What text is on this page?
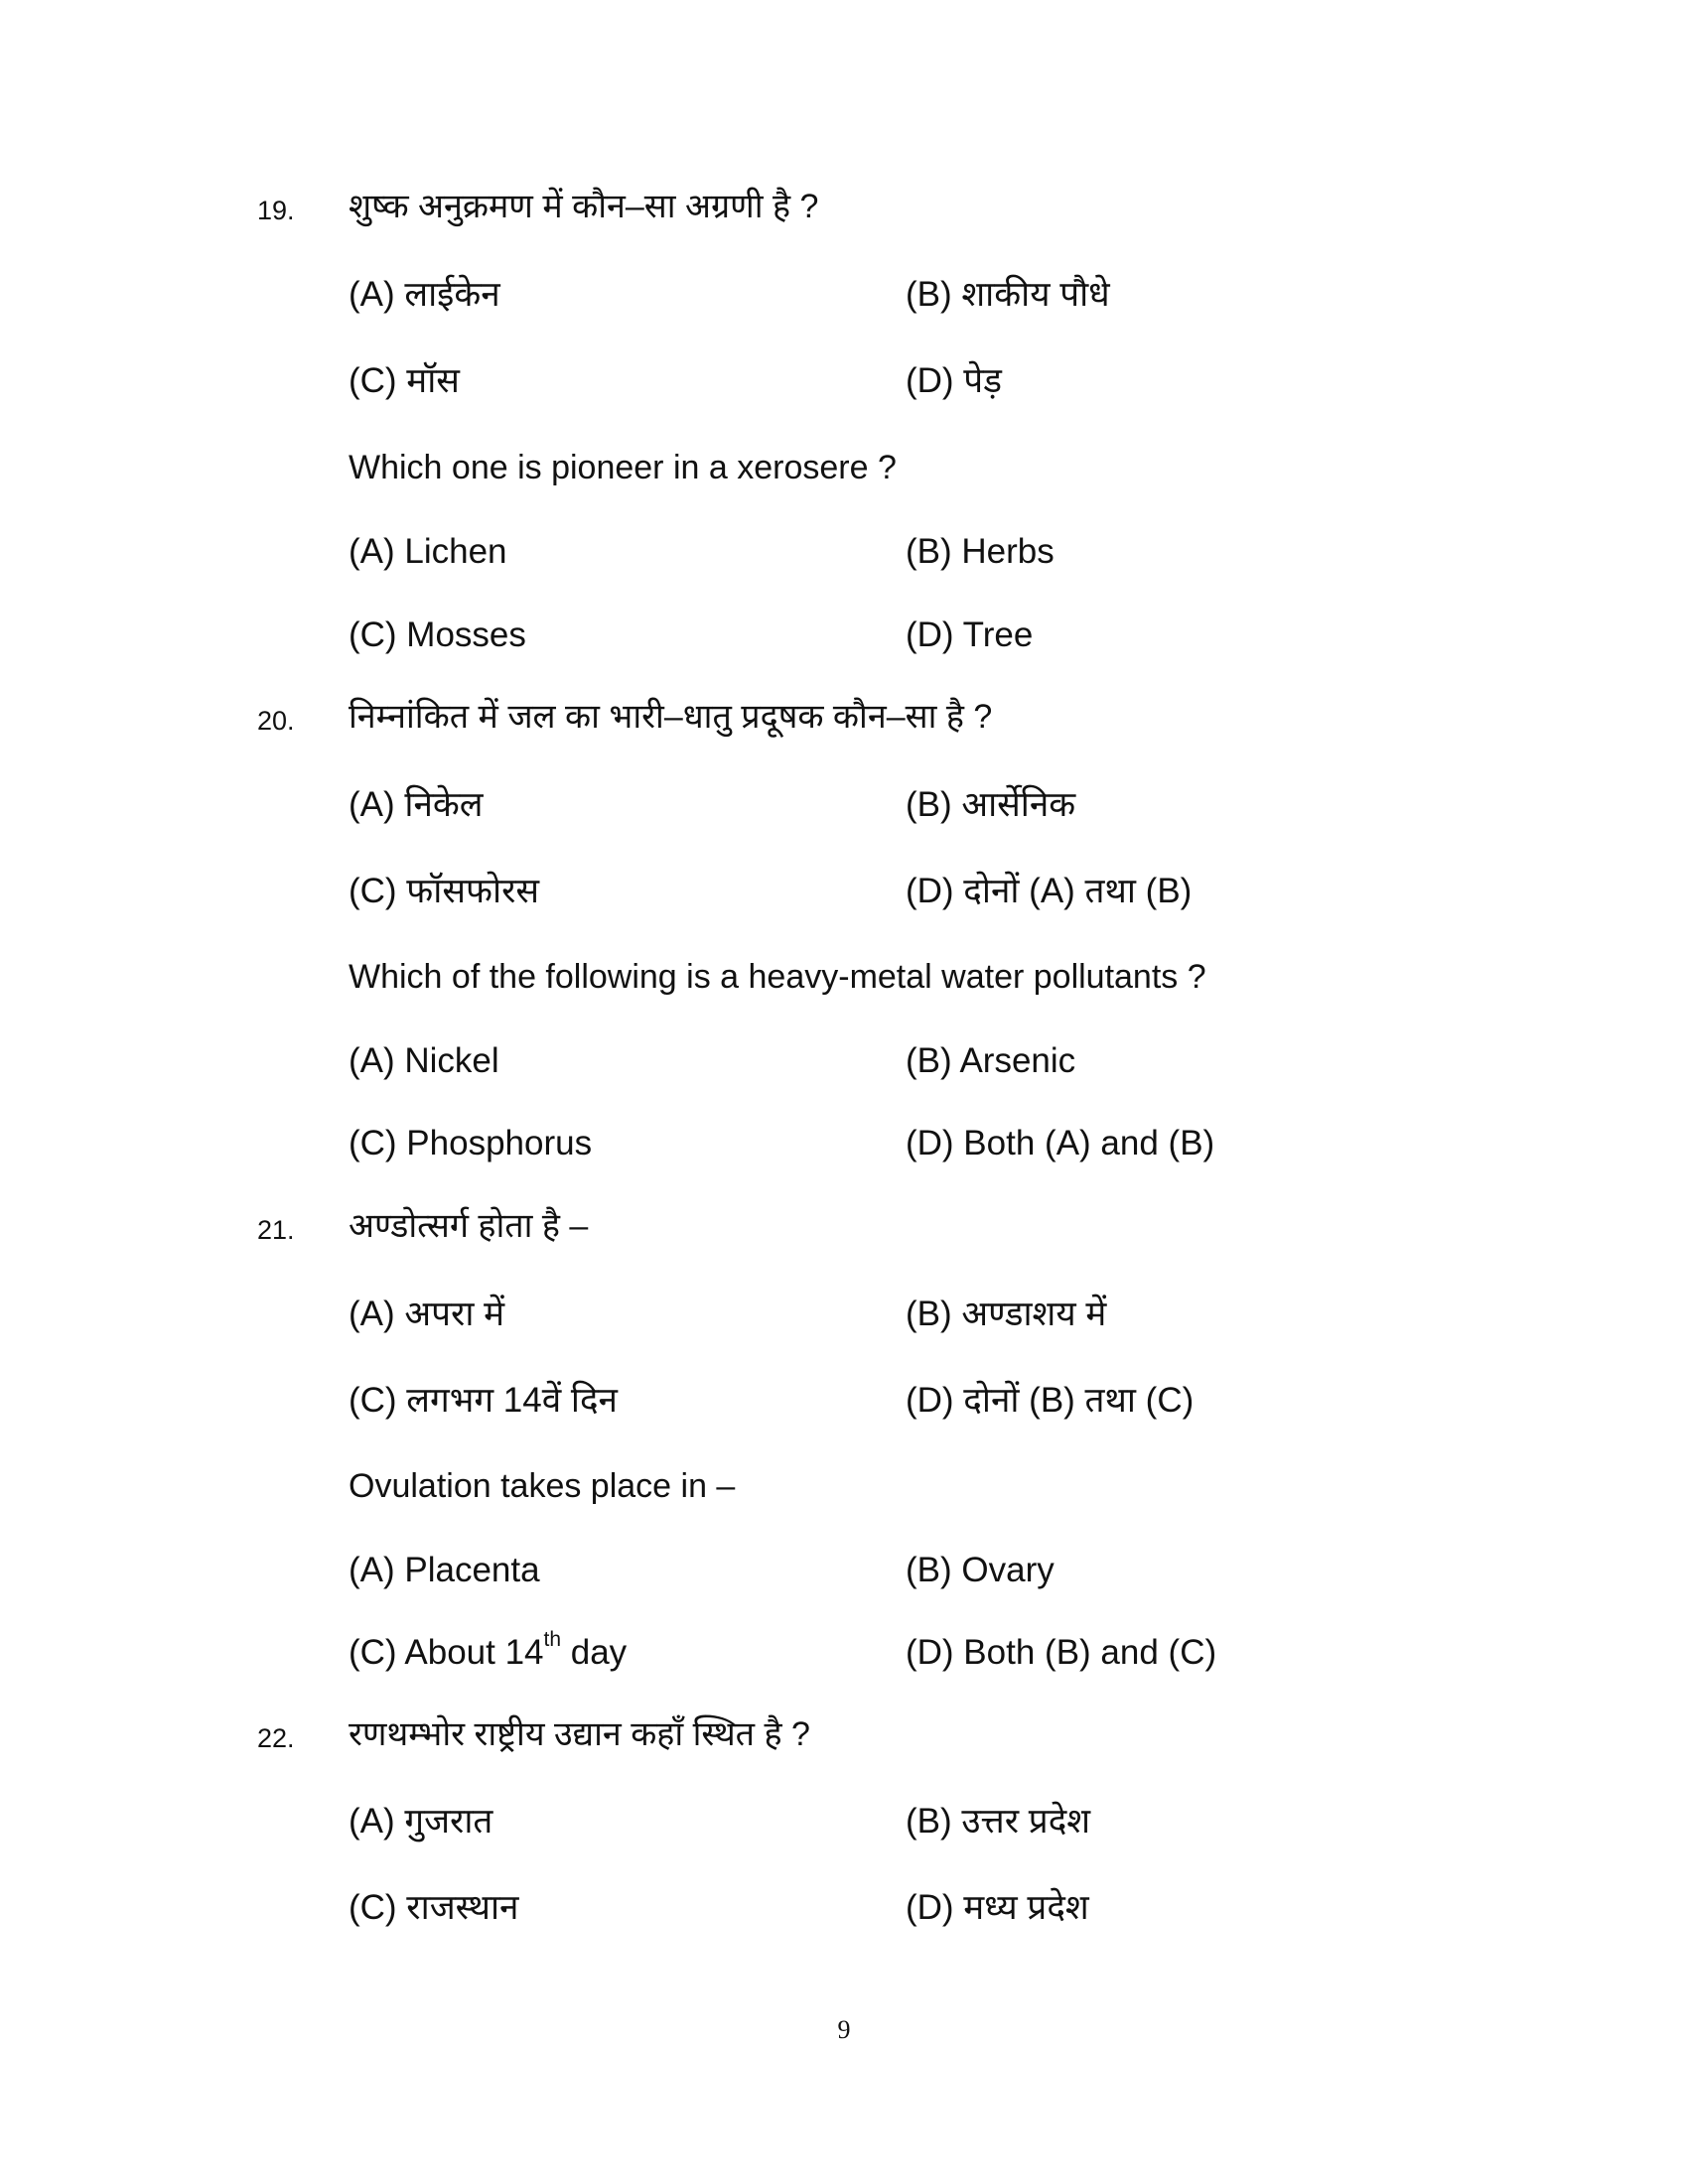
19. शुष्क अनुक्रमण में कौन–सा अग्रणी है ?
(A) लाईकेन	(B) शाकीय पौधे
(C) मॉस	(D) पेड़
Which one is pioneer in a xerosere ?
(A) Lichen	(B) Herbs
(C) Mosses	(D) Tree
20. निम्नांकित में जल का भारी–धातु प्रदूषक कौन–सा है ?
(A) निकेल	(B) आर्सेनिक
(C) फॉसफोरस	(D) दोनों (A) तथा (B)
Which of the following is a heavy-metal water pollutants ?
(A) Nickel	(B) Arsenic
(C) Phosphorus	(D) Both (A) and (B)
21. अण्डोत्सर्ग होता है –
(A) अपरा में	(B) अण्डाशय में
(C) लगभग 14वें दिन	(D) दोनों (B) तथा (C)
Ovulation takes place in –
(A) Placenta	(B) Ovary
(C) About 14th day	(D) Both (B) and (C)
22. रणथम्भोर राष्ट्रीय उद्यान कहाँ स्थित है ?
(A) गुजरात	(B) उत्तर प्रदेश
(C) राजस्थान	(D) मध्य प्रदेश
9
